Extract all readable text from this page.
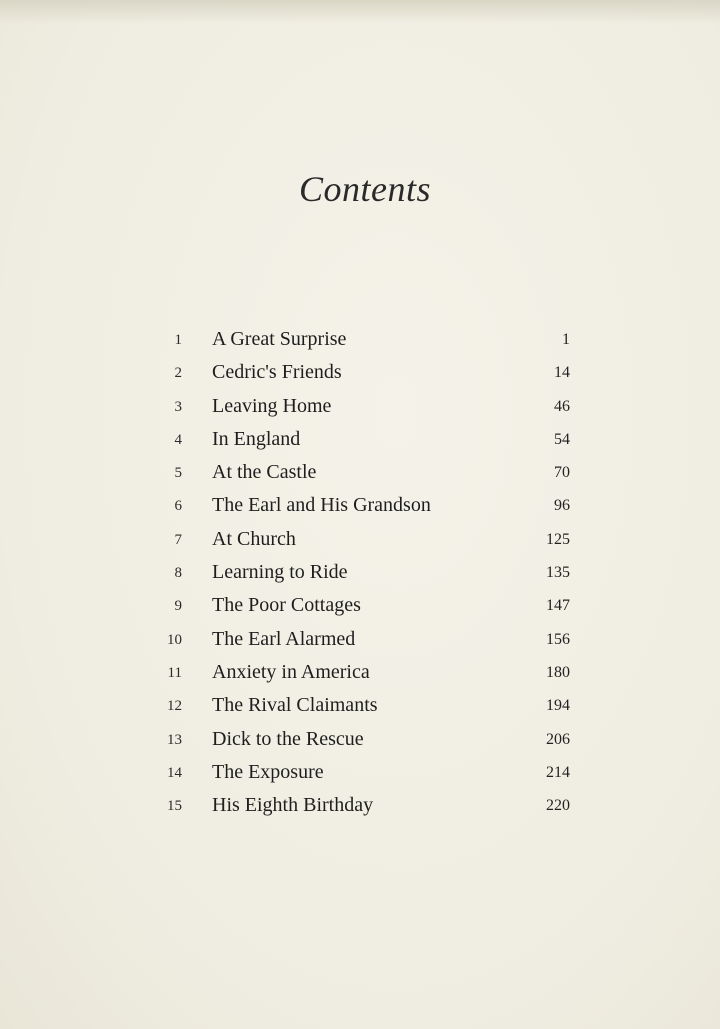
Contents
1 A Great Surprise	1
2 Cedric's Friends	14
3 Leaving Home	46
4 In England	54
5 At the Castle	70
6 The Earl and His Grandson	96
7 At Church	125
8 Learning to Ride	135
9 The Poor Cottages	147
10 The Earl Alarmed	156
11 Anxiety in America	180
12 The Rival Claimants	194
13 Dick to the Rescue	206
14 The Exposure	214
15 His Eighth Birthday	220
